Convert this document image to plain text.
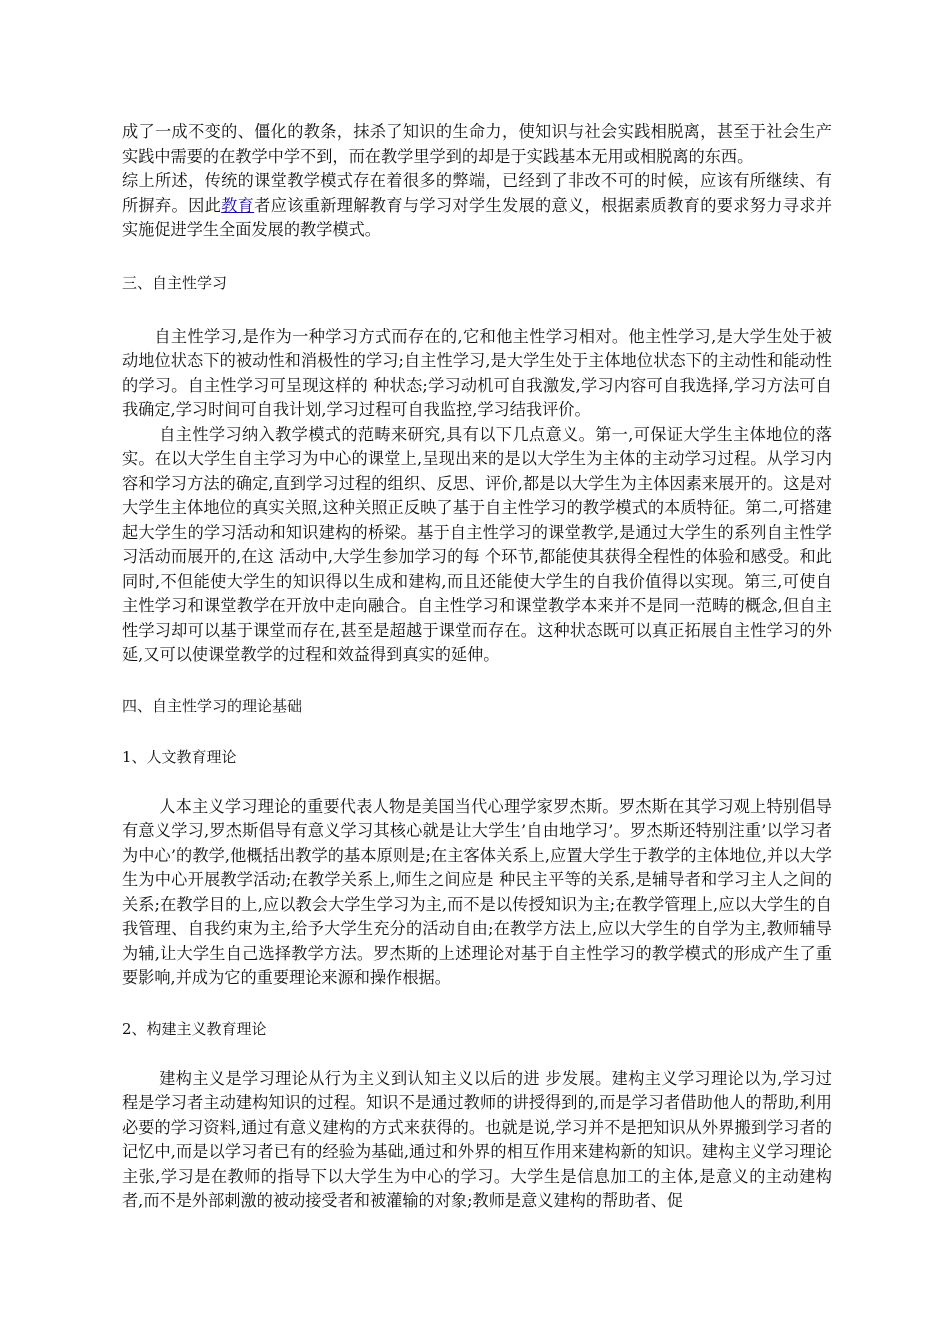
成了一成不变的、僵化的教条，抹杀了知识的生命力，使知识与社会实践相脱离，甚至于社会生产实践中需要的在教学中学不到，而在教学里学到的却是于实践基本无用或相脱离的东西。

综上所述，传统的课堂教学模式存在着很多的弊端，已经到了非改不可的时候，应该有所继续、有所摒弃。因此教育者应该重新理解教育与学习对学生发展的意义，根据素质教育的要求努力寻求并实施促进学生全面发展的教学模式。

三、自主性学习

自主性学习,是作为一种学习方式而存在的,它和他主性学习相对。他主性学习,是大学生处于被动地位状态下的被动性和消极性的学习;自主性学习,是大学生处于主体地位状态下的主动性和能动性的学习。自主性学习可呈现这样的 种状态;学习动机可自我激发,学习内容可自我选择,学习方法可自我确定,学习时间可自我计划,学习过程可自我监控,学习结我评价。

自主性学习纳入教学模式的范畴来研究,具有以下几点意义。第一,可保证大学生主体地位的落实。在以大学生自主学习为中心的课堂上,呈现出来的是以大学生为主体的主动学习过程。从学习内容和学习方法的确定,直到学习过程的组织、反思、评价,都是以大学生为主体因素来展开的。这是对大学生主体地位的真实关照,这种关照正反映了基于自主性学习的教学模式的本质特征。第二,可搭建起大学生的学习活动和知识建构的桥梁。基于自主性学习的课堂教学,是通过大学生的系列自主性学习活动而展开的,在这 活动中,大学生参加学习的每 个环节,都能使其获得全程性的体验和感受。和此同时,不但能使大学生的知识得以生成和建构,而且还能使大学生的自我价值得以实现。第三,可使自主性学习和课堂教学在开放中走向融合。自主性学习和课堂教学本来并不是同一范畴的概念,但自主性学习却可以基于课堂而存在,甚至是超越于课堂而存在。这种状态既可以真正拓展自主性学习的外延,又可以使课堂教学的过程和效益得到真实的延伸。

四、自主性学习的理论基础

1、人文教育理论

人本主义学习理论的重要代表人物是美国当代心理学家罗杰斯。罗杰斯在其学习观上特别倡导有意义学习,罗杰斯倡导有意义学习其核心就是让大学生’自由地学习’。罗杰斯还特别注重’以学习者为中心’的教学,他概括出教学的基本原则是;在主客体关系上,应置大学生于教学的主体地位,并以大学生为中心开展教学活动;在教学关系上,师生之间应是 种民主平等的关系,是辅导者和学习主人之间的关系;在教学目的上,应以教会大学生学习为主,而不是以传授知识为主;在教学管理上,应以大学生的自我管理、自我约束为主,给予大学生充分的活动自由;在教学方法上,应以大学生的自学为主,教师辅导为辅,让大学生自己选择教学方法。罗杰斯的上述理论对基于自主性学习的教学模式的形成产生了重要影响,并成为它的重要理论来源和操作根据。

2、构建主义教育理论

建构主义是学习理论从行为主义到认知主义以后的进 步发展。建构主义学习理论以为,学习过程是学习者主动建构知识的过程。知识不是通过教师的讲授得到的,而是学习者借助他人的帮助,利用必要的学习资料,通过有意义建构的方式来获得的。也就是说,学习并不是把知识从外界搬到学习者的记忆中,而是以学习者已有的经验为基础,通过和外界的相互作用来建构新的知识。建构主义学习理论主张,学习是在教师的指导下以大学生为中心的学习。大学生是信息加工的主体,是意义的主动建构者,而不是外部刺激的被动接受者和被灌输的对象;教师是意义建构的帮助者、促
